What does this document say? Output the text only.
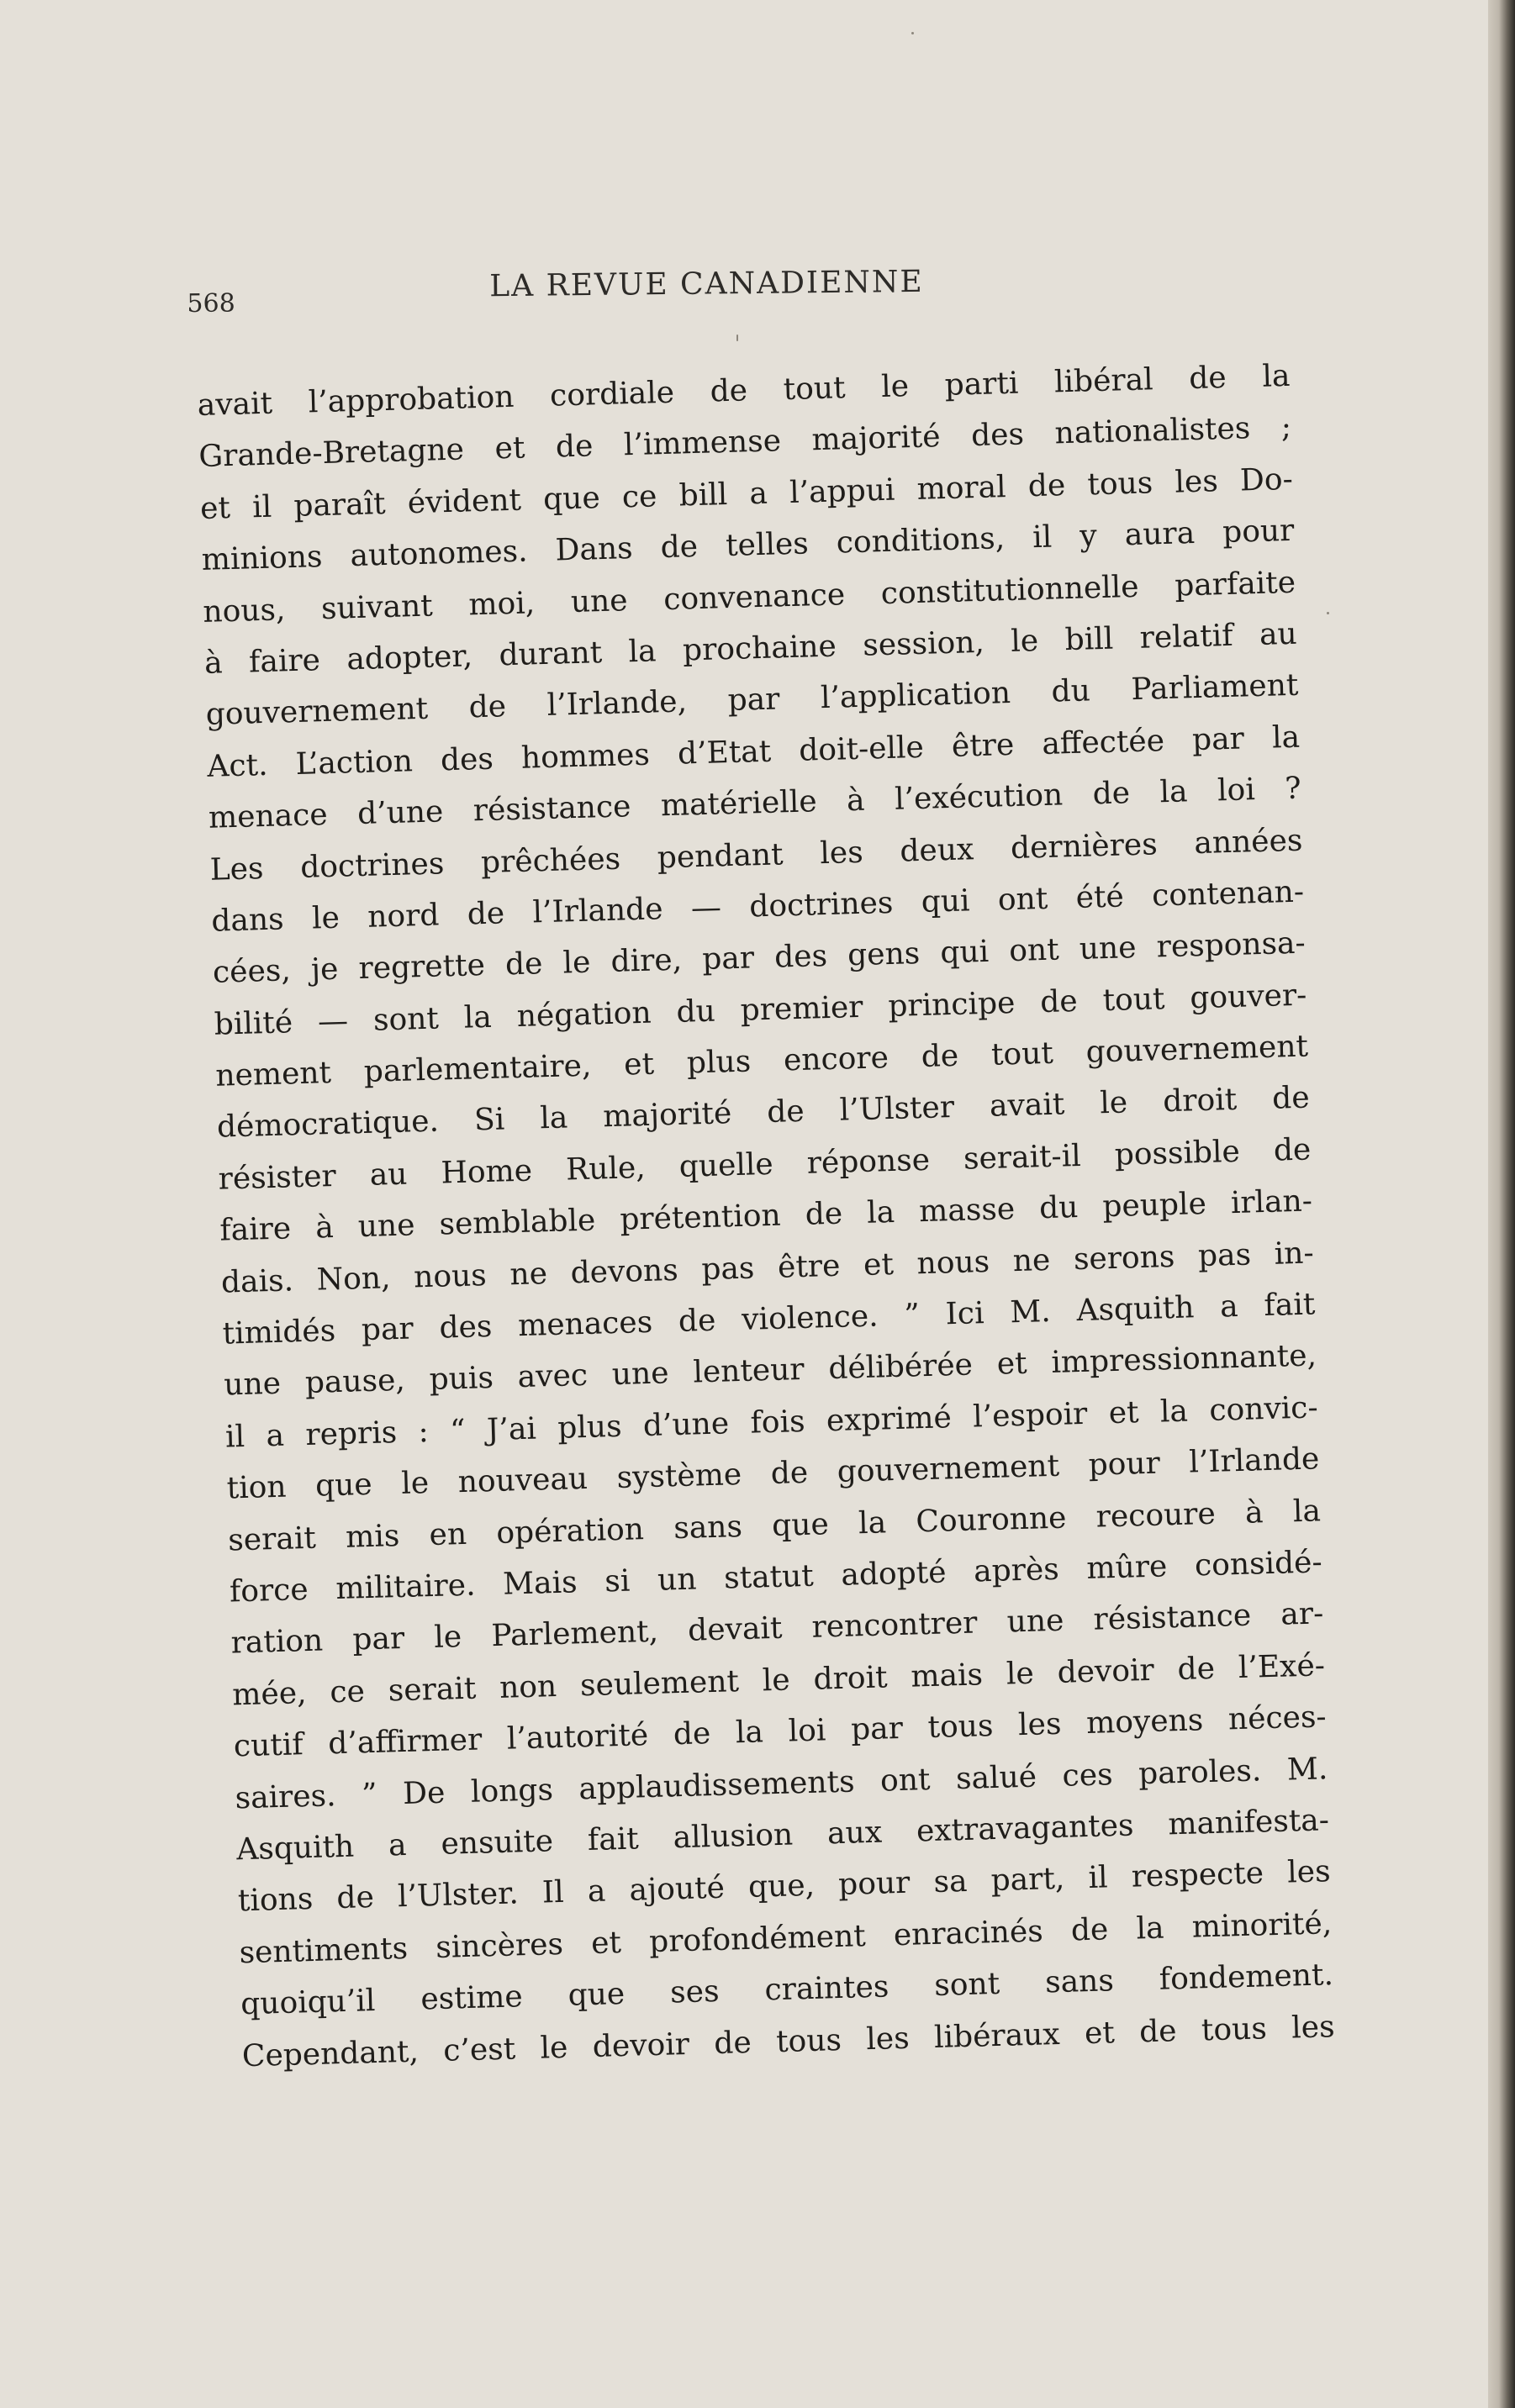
568	LA REVUE CANADIENNE
avait l’approbation cordiale de tout le parti libéral de la
Grande-Bretagne et de l’immense majorité des nationalistes ;
et il paraît évident que ce bill a l’appui moral de tous les Do-
minions autonomes. Dans de telles conditions, il y aura pour
nous, suivant moi, une convenance constitutionnelle parfaite
à faire adopter, durant la prochaine session, le bill relatif au
gouvernement de l’Irlande, par l’application du Parliament
Act. L’action des hommes d’Etat doit-elle être affectée par la
menace d’une résistance matérielle à l’exécution de la loi ?
Les doctrines prêchées pendant les deux dernières années
dans le nord de l’Irlande — doctrines qui ont été contenan-
cées, je regrette de le dire, par des gens qui ont une responsa-
bilité — sont la négation du premier principe de tout gouver-
nement parlementaire, et plus encore de tout gouvernement
démocratique. Si la majorité de l’Ulster avait le droit de
résister au Home Rule, quelle réponse serait-il possible de
faire à une semblable prétention de la masse du peuple irlan-
dais. Non, nous ne devons pas être et nous ne serons pas in-
timidés par des menaces de violence. ” Ici M. Asquith a fait
une pause, puis avec une lenteur délibérée et impressionnante,
il a repris : “ J’ai plus d’une fois exprimé l’espoir et la convic-
tion que le nouveau système de gouvernement pour l’Irlande
serait mis en opération sans que la Couronne recoure à la
force militaire. Mais si un statut adopté après mûre considé-
ration par le Parlement, devait rencontrer une résistance ar-
mée, ce serait non seulement le droit mais le devoir de l’Exé-
cutif d’affirmer l’autorité de la loi par tous les moyens néces-
saires. ” De longs applaudissements ont salué ces paroles. M.
Asquith a ensuite fait allusion aux extravagantes manifesta-
tions de l’Ulster. Il a ajouté que, pour sa part, il respecte les
sentiments sincères et profondément enracinés de la minorité,
quoiqu’il estime que ses craintes sont sans fondement.
Cependant, c’est le devoir de tous les libéraux et de tous les
